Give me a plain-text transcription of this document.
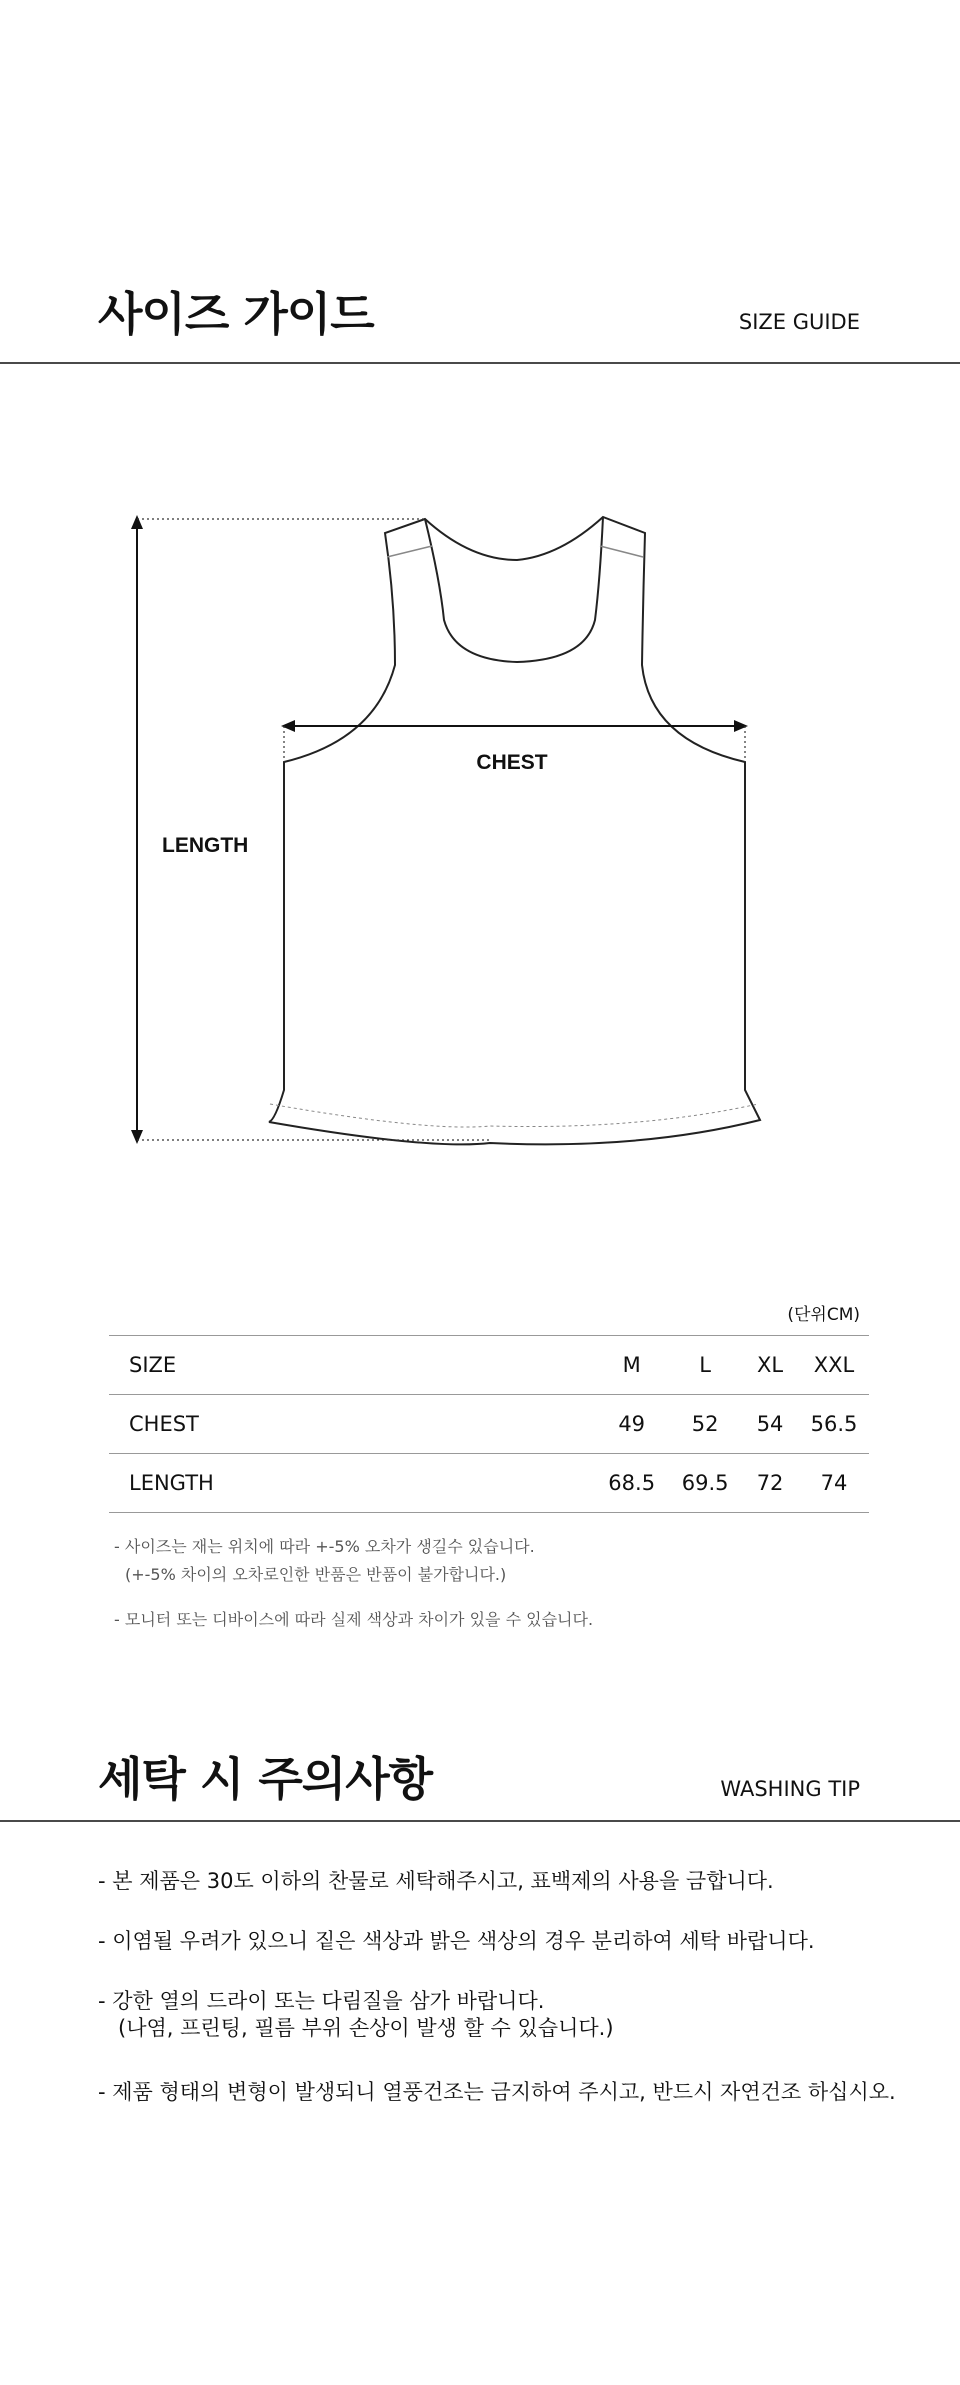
사이즈 가이드	SIZE GUIDE
LENGTH
CHEST
(단위CM)
SIZE	M	L	XL	XXL
CHEST	49	52	54	56.5
LENGTH	68.5	69.5	72	74
- 사이즈는 재는 위치에 따라 +-5% 오차가 생길수 있습니다.
(+-5% 차이의 오차로인한 반품은 반품이 불가합니다.)
- 모니터 또는 디바이스에 따라 실제 색상과 차이가 있을 수 있습니다.
세탁 시 주의사항	WASHING TIP
- 본 제품은 30도 이하의 찬물로 세탁해주시고, 표백제의 사용을 금합니다.
- 이염될 우려가 있으니 짙은 색상과 밝은 색상의 경우 분리하여 세탁 바랍니다.
- 강한 열의 드라이 또는 다림질을 삼가 바랍니다.
(나염, 프린팅, 필름 부위 손상이 발생 할 수 있습니다.)
- 제품 형태의 변형이 발생되니 열풍건조는 금지하여 주시고, 반드시 자연건조 하십시오.
